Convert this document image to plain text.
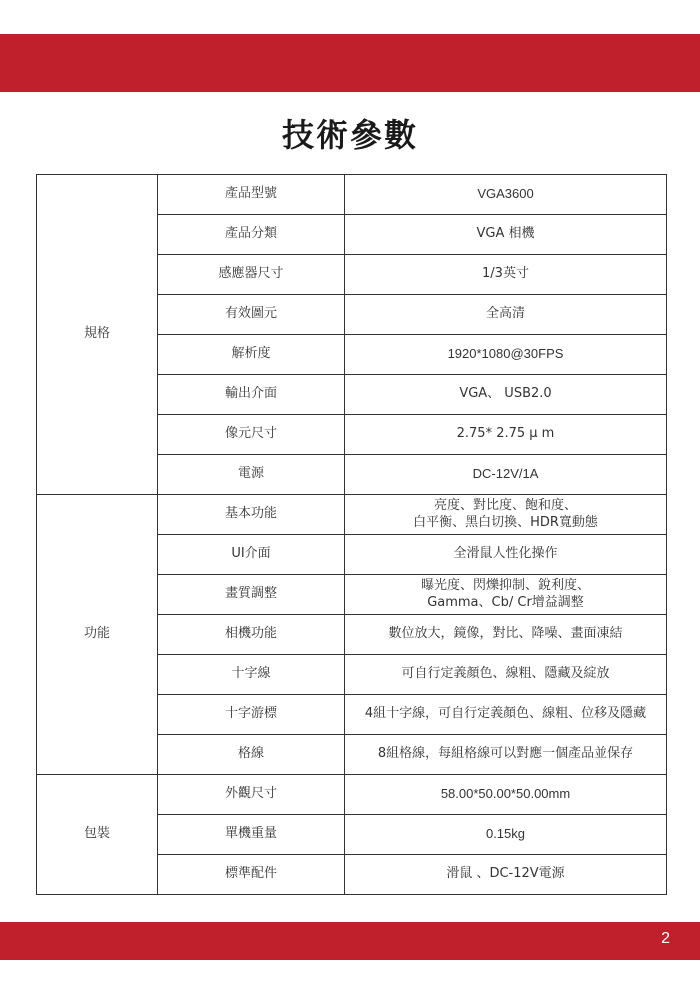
技術參數
規格	產品型號	VGA3600
	產品分類	VGA 相機
	感應器尺寸	1/3英寸
	有效圖元	全高清
	解析度	1920*1080@30FPS
	輸出介面	VGA、 USB2.0
	像元尺寸	2.75* 2.75 μ m
	電源	DC-12V/1A
功能	基本功能	亮度、對比度、飽和度、
白平衡、黑白切換、HDR寬動態

	UI介面	全滑鼠人性化操作
	畫質調整	曝光度、閃爍抑制、銳利度、
Gamma、Cb/ Cr增益調整

	相機功能	數位放大，鏡像，對比、降噪、畫面凍結
	十字線	可自行定義顏色、線粗、隱藏及綻放
	十字游標	4組十字線，可自行定義顏色、線粗、位移及隱藏
	格線	8組格線，每組格線可以對應一個產品並保存
包裝	外觀尺寸	58.00*50.00*50.00mm
	單機重量	0.15kg
	標準配件	滑鼠 、DC-12V電源
2
